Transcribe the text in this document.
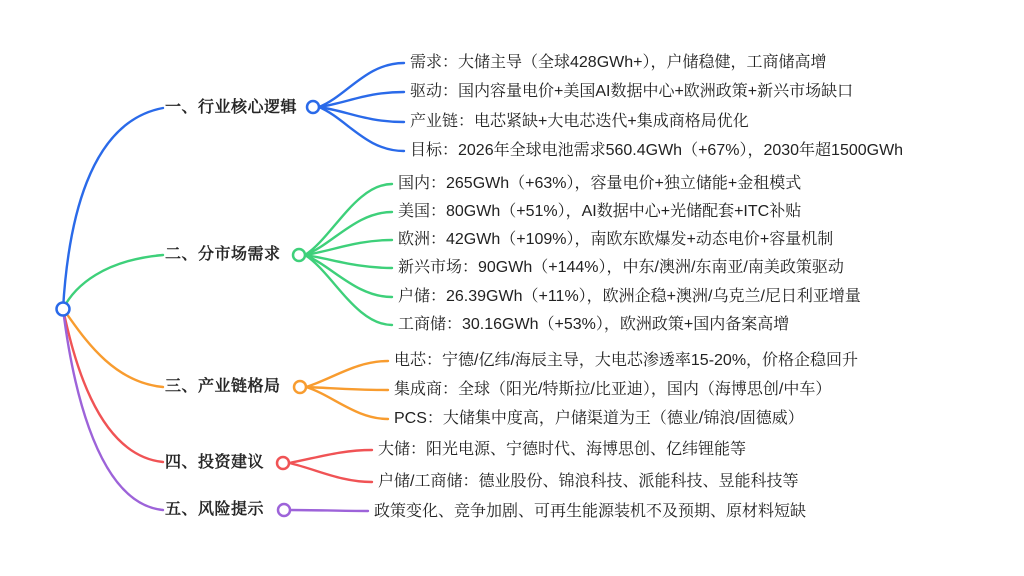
一、行业核心逻辑
二、分市场需求
三、产业链格局
四、投资建议
五、风险提示
需求：大储主导（全球428GWh+），户储稳健，工商储高增
驱动：国内容量电价+美国AI数据中心+欧洲政策+新兴市场缺口
产业链：电芯紧缺+大电芯迭代+集成商格局优化
目标：2026年全球电池需求560.4GWh（+67%），2030年超1500GWh
国内：265GWh（+63%），容量电价+独立储能+金租模式
美国：80GWh（+51%），AI数据中心+光储配套+ITC补贴
欧洲：42GWh（+109%），南欧东欧爆发+动态电价+容量机制
新兴市场：90GWh（+144%），中东/澳洲/东南亚/南美政策驱动
户储：26.39GWh（+11%），欧洲企稳+澳洲/乌克兰/尼日利亚增量
工商储：30.16GWh（+53%），欧洲政策+国内备案高增
电芯：宁德/亿纬/海辰主导，大电芯渗透率15-20%，价格企稳回升
集成商：全球（阳光/特斯拉/比亚迪），国内（海博思创/中车）
PCS：大储集中度高，户储渠道为王（德业/锦浪/固德威）
大储：阳光电源、宁德时代、海博思创、亿纬锂能等
户储/工商储：德业股份、锦浪科技、派能科技、昱能科技等
政策变化、竞争加剧、可再生能源装机不及预期、原材料短缺
